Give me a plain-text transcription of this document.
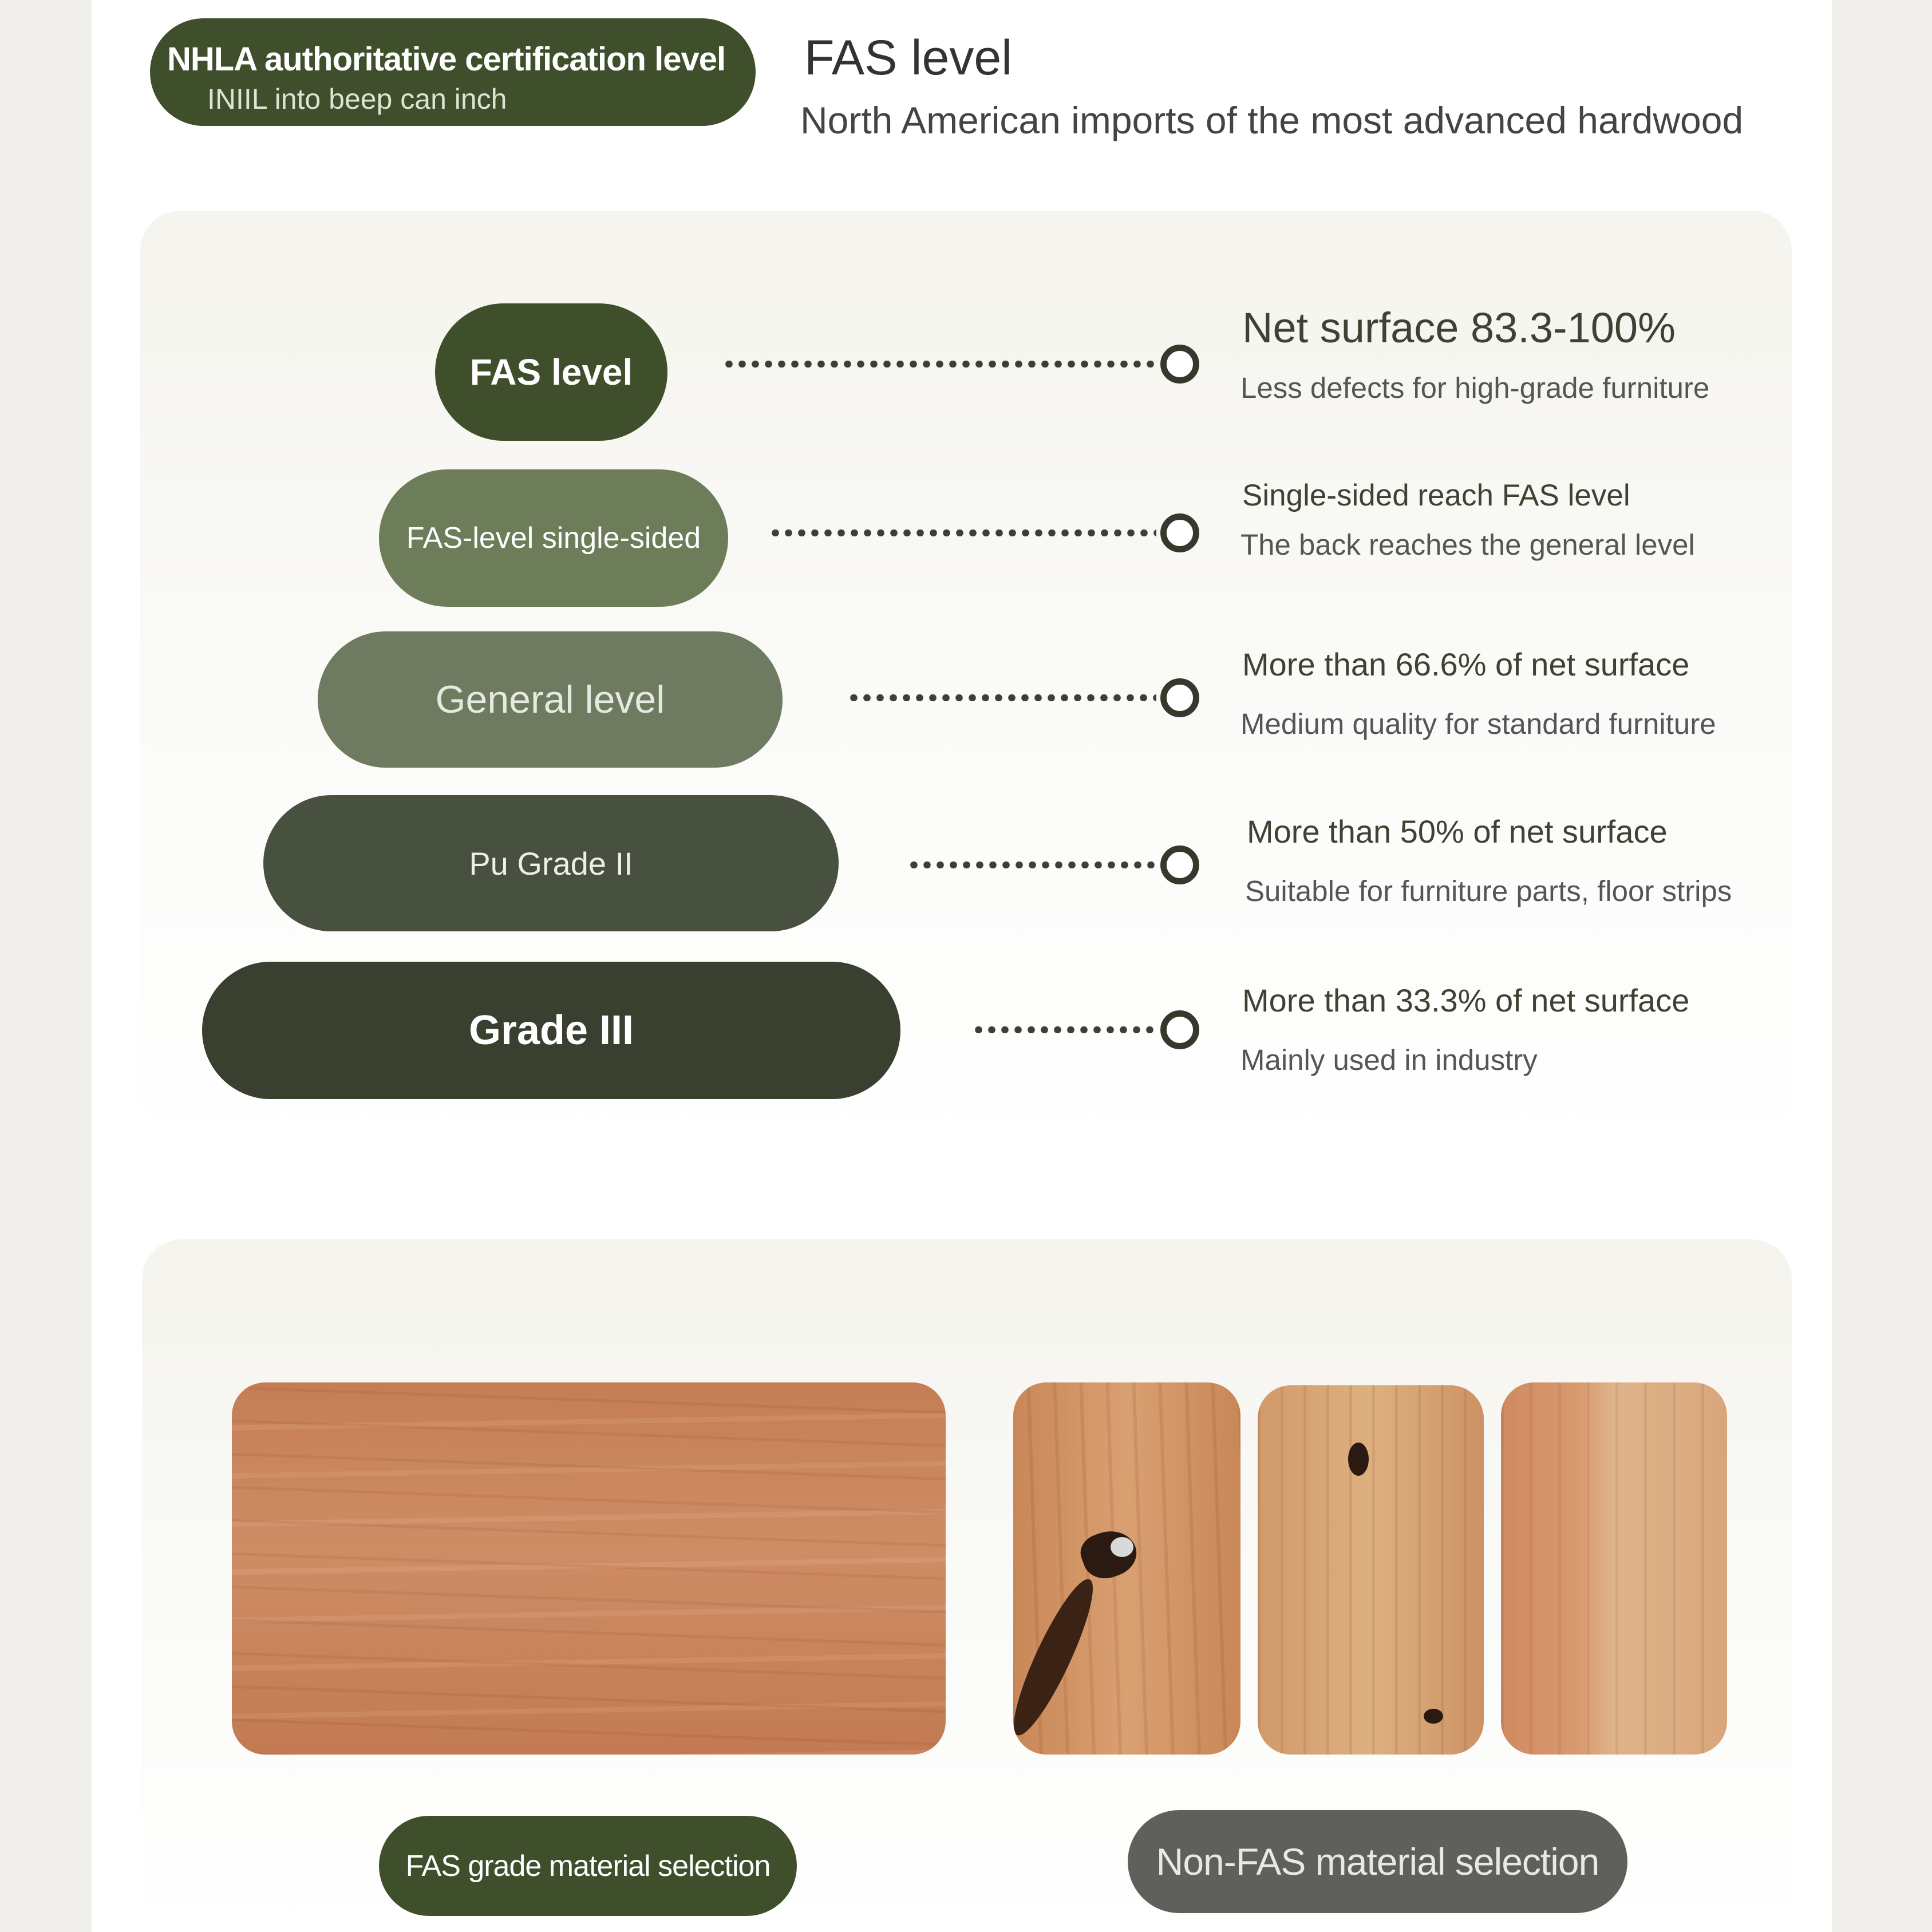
NHLA authoritative certification level
INIIL into beep can inch
FAS level
North American imports of the most advanced hardwood
FAS level
Net surface 83.3-100%
Less defects for high-grade furniture
FAS-level single-sided
Single-sided reach FAS level
The back reaches the general level
General level
More than 66.6% of net surface
Medium quality for standard furniture
Pu Grade II
More than 50% of net surface
Suitable for furniture parts, floor strips
Grade III
More than 33.3% of net surface
Mainly used in industry
FAS grade material selection	Non-FAS material selection
